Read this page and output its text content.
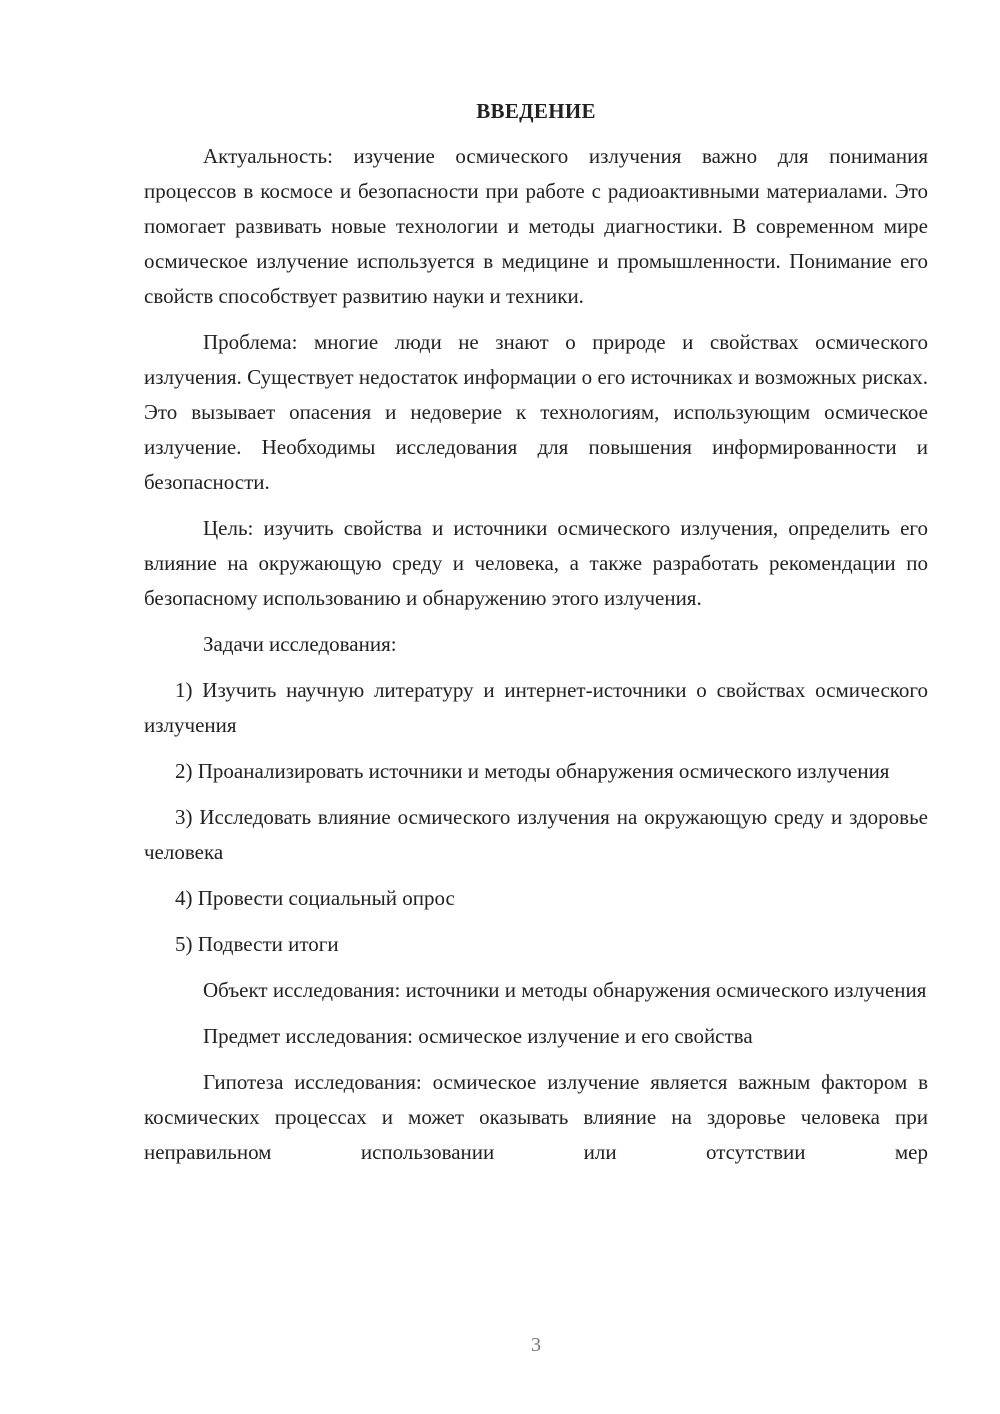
ВВЕДЕНИЕ

Актуальность: изучение осмического излучения важно для понимания процессов в космосе и безопасности при работе с радиоактивными материалами. Это помогает развивать новые технологии и методы диагностики. В современном мире осмическое излучение используется в медицине и промышленности. Понимание его свойств способствует развитию науки и техники.

Проблема: многие люди не знают о природе и свойствах осмического излучения. Существует недостаток информации о его источниках и возможных рисках. Это вызывает опасения и недоверие к технологиям, использующим осмическое излучение. Необходимы исследования для повышения информированности и безопасности.

Цель: изучить свойства и источники осмического излучения, определить его влияние на окружающую среду и человека, а также разработать рекомендации по безопасному использованию и обнаружению этого излучения.

Задачи исследования:

1) Изучить научную литературу и интернет-источники о свойствах осмического излучения

2) Проанализировать источники и методы обнаружения осмического излучения

3) Исследовать влияние осмического излучения на окружающую среду и здоровье человека

4) Провести социальный опрос

5) Подвести итоги

Объект исследования: источники и методы обнаружения осмического излучения

Предмет исследования: осмическое излучение и его свойства

Гипотеза исследования: осмическое излучение является важным фактором в космических процессах и может оказывать влияние на здоровье человека при неправильном использовании или отсутствии мер

3
